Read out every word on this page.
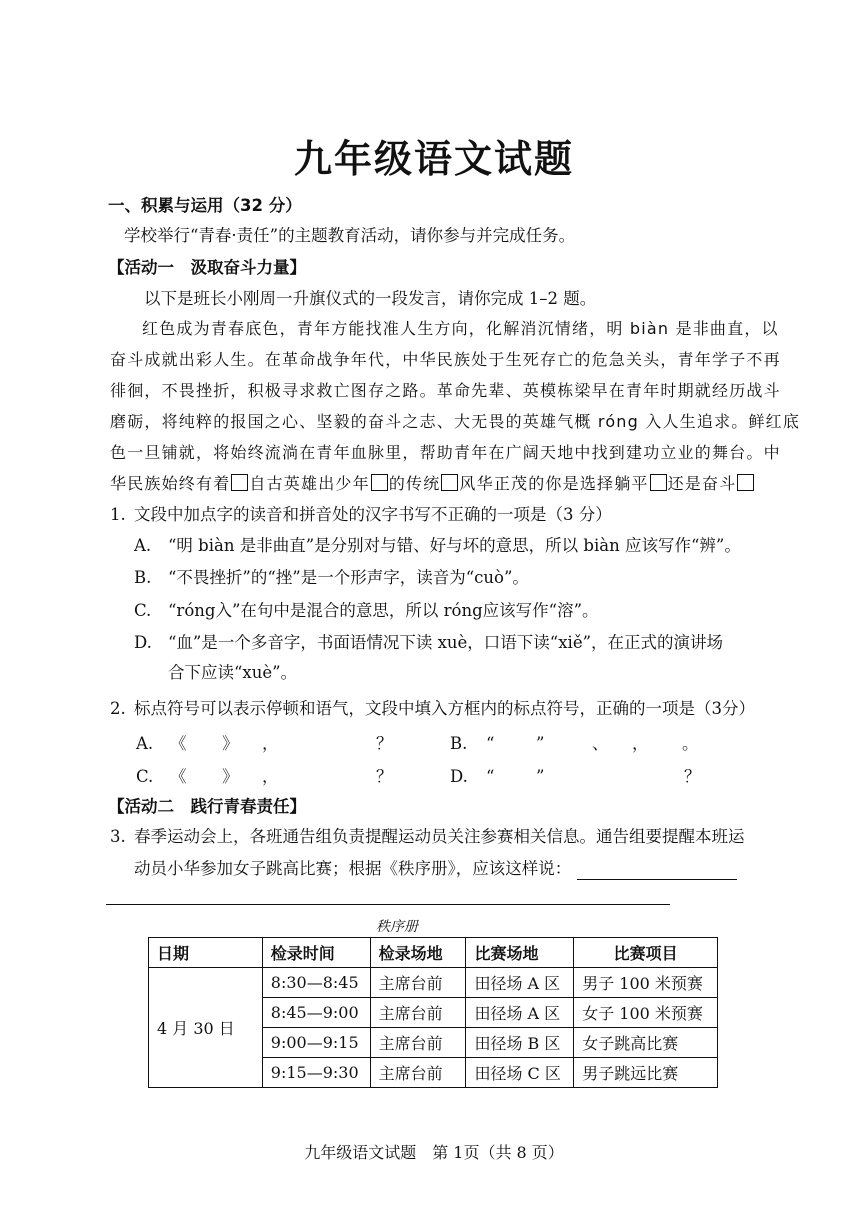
九年级语文试题
一、积累与运用（32 分）
学校举行“青春·责任”的主题教育活动，请你参与并完成任务。
【活动一　汲取奋斗力量】
以下是班长小刚周一升旗仪式的一段发言，请你完成 1–2 题。
红色成为青春底色，青年方能找准人生方向，化解消沉情绪，明 biàn 是非曲直，以
奋斗成就出彩人生。在革命战争年代，中华民族处于生死存亡的危急关头，青年学子不再
徘徊，不畏挫折，积极寻求救亡图存之路。革命先辈、英模栋梁早在青年时期就经历战斗
磨砺，将纯粹的报国之心、坚毅的奋斗之志、大无畏的英雄气概 róng 入人生追求。鲜红底
色一旦铺就，将始终流淌在青年血脉里，帮助青年在广阔天地中找到建功立业的舞台。中
华民族始终有着 自古英雄出少年 的传统 风华正茂的你是选择躺平 还是奋斗
1. 文段中加点字的读音和拼音处的汉字书写不正确的一项是（3 分）
A. “明 biàn 是非曲直”是分别对与错、好与坏的意思，所以 biàn 应该写作“辨”。
B. “不畏挫折”的“挫”是一个形声字，读音为“cuò”。
C. “róng入”在句中是混合的意思，所以 róng应该写作“溶”。
D. “血”是一个多音字，书面语情况下读 xuè，口语下读“xiě”，在正式的演讲场
合下应读“xuè”。
2. 标点符号可以表示停顿和语气，文段中填入方框内的标点符号，正确的一项是（3分）
A. 《 》 ，	？	B. “	”	、 ， 。
C. 《 》 ，	？	D. “	”	？
【活动二　践行青春责任】
3. 春季运动会上，各班通告组负责提醒运动员关注参赛相关信息。通告组要提醒本班运
动员小华参加女子跳高比赛；根据《秩序册》，应该这样说：
秩序册
日期	检录时间	检录场地	比赛场地	比赛项目
4 月 30 日	8:30—8:45	主席台前	田径场 A 区	男子 100 米预赛
	8:45—9:00	主席台前	田径场 A 区	女子 100 米预赛
	9:00—9:15	主席台前	田径场 B 区	女子跳高比赛
	9:15—9:30	主席台前	田径场 C 区	男子跳远比赛
九年级语文试题　第 1页（共 8 页）
